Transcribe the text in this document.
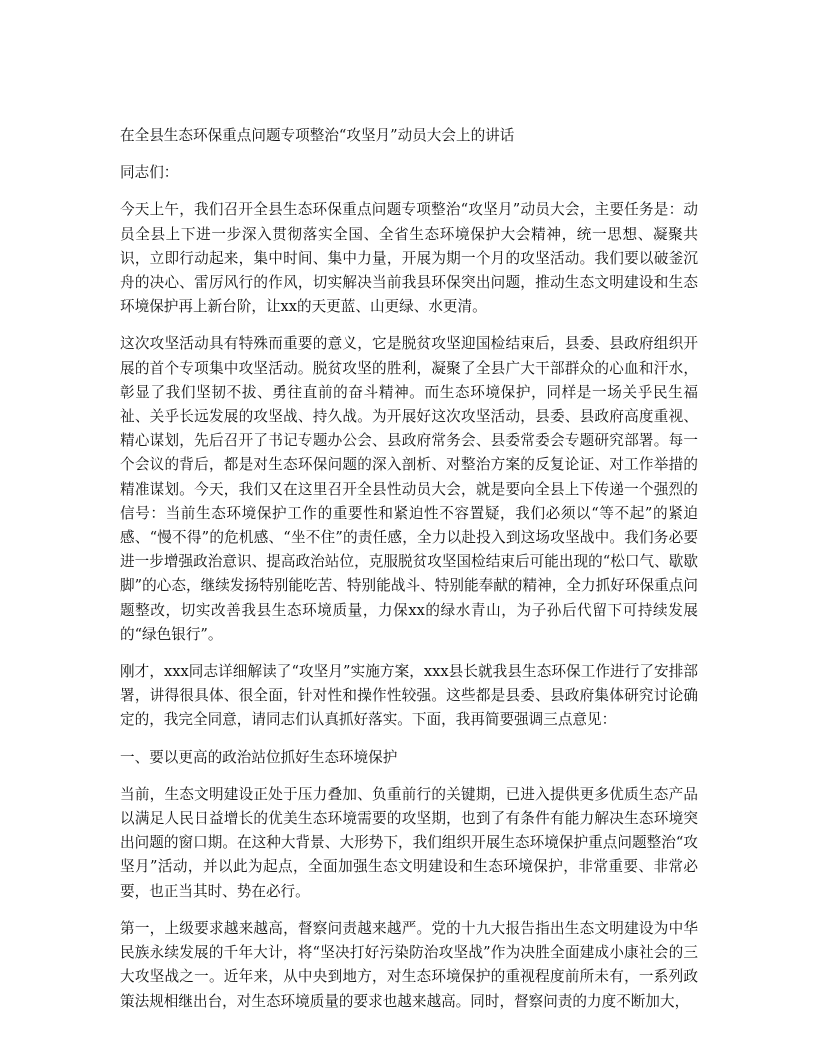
在全县生态环保重点问题专项整治“攻坚月”动员大会上的讲话

同志们：

今天上午，我们召开全县生态环保重点问题专项整治“攻坚月”动员大会，主要任务是：动员全县上下进一步深入贯彻落实全国、全省生态环境保护大会精神，统一思想、凝聚共识，立即行动起来，集中时间、集中力量，开展为期一个月的攻坚活动。我们要以破釜沉舟的决心、雷厉风行的作风，切实解决当前我县环保突出问题，推动生态文明建设和生态环境保护再上新台阶，让xx的天更蓝、山更绿、水更清。

这次攻坚活动具有特殊而重要的意义，它是脱贫攻坚迎国检结束后，县委、县政府组织开展的首个专项集中攻坚活动。脱贫攻坚的胜利，凝聚了全县广大干部群众的心血和汗水，彰显了我们坚韧不拔、勇往直前的奋斗精神。而生态环境保护，同样是一场关乎民生福祉、关乎长远发展的攻坚战、持久战。为开展好这次攻坚活动，县委、县政府高度重视、精心谋划，先后召开了书记专题办公会、县政府常务会、县委常委会专题研究部署。每一个会议的背后，都是对生态环保问题的深入剖析、对整治方案的反复论证、对工作举措的精准谋划。今天，我们又在这里召开全县性动员大会，就是要向全县上下传递一个强烈的信号：当前生态环境保护工作的重要性和紧迫性不容置疑，我们必须以“等不起”的紧迫感、“慢不得”的危机感、“坐不住”的责任感，全力以赴投入到这场攻坚战中。我们务必要进一步增强政治意识、提高政治站位，克服脱贫攻坚国检结束后可能出现的“松口气、歇歇脚”的心态，继续发扬特别能吃苦、特别能战斗、特别能奉献的精神，全力抓好环保重点问题整改，切实改善我县生态环境质量，力保xx的绿水青山，为子孙后代留下可持续发展的“绿色银行”。

刚才，xxx同志详细解读了“攻坚月”实施方案，xxx县长就我县生态环保工作进行了安排部署，讲得很具体、很全面，针对性和操作性较强。这些都是县委、县政府集体研究讨论确定的，我完全同意，请同志们认真抓好落实。下面，我再简要强调三点意见：

一、要以更高的政治站位抓好生态环境保护

当前，生态文明建设正处于压力叠加、负重前行的关键期，已进入提供更多优质生态产品以满足人民日益增长的优美生态环境需要的攻坚期，也到了有条件有能力解决生态环境突出问题的窗口期。在这种大背景、大形势下，我们组织开展生态环境保护重点问题整治“攻坚月”活动，并以此为起点，全面加强生态文明建设和生态环境保护，非常重要、非常必要，也正当其时、势在必行。

第一，上级要求越来越高，督察问责越来越严。党的十九大报告指出生态文明建设为中华民族永续发展的千年大计，将“坚决打好污染防治攻坚战”作为决胜全面建成小康社会的三大攻坚战之一。近年来，从中央到地方，对生态环境保护的重视程度前所未有，一系列政策法规相继出台，对生态环境质量的要求也越来越高。同时，督察问责的力度不断加大，
